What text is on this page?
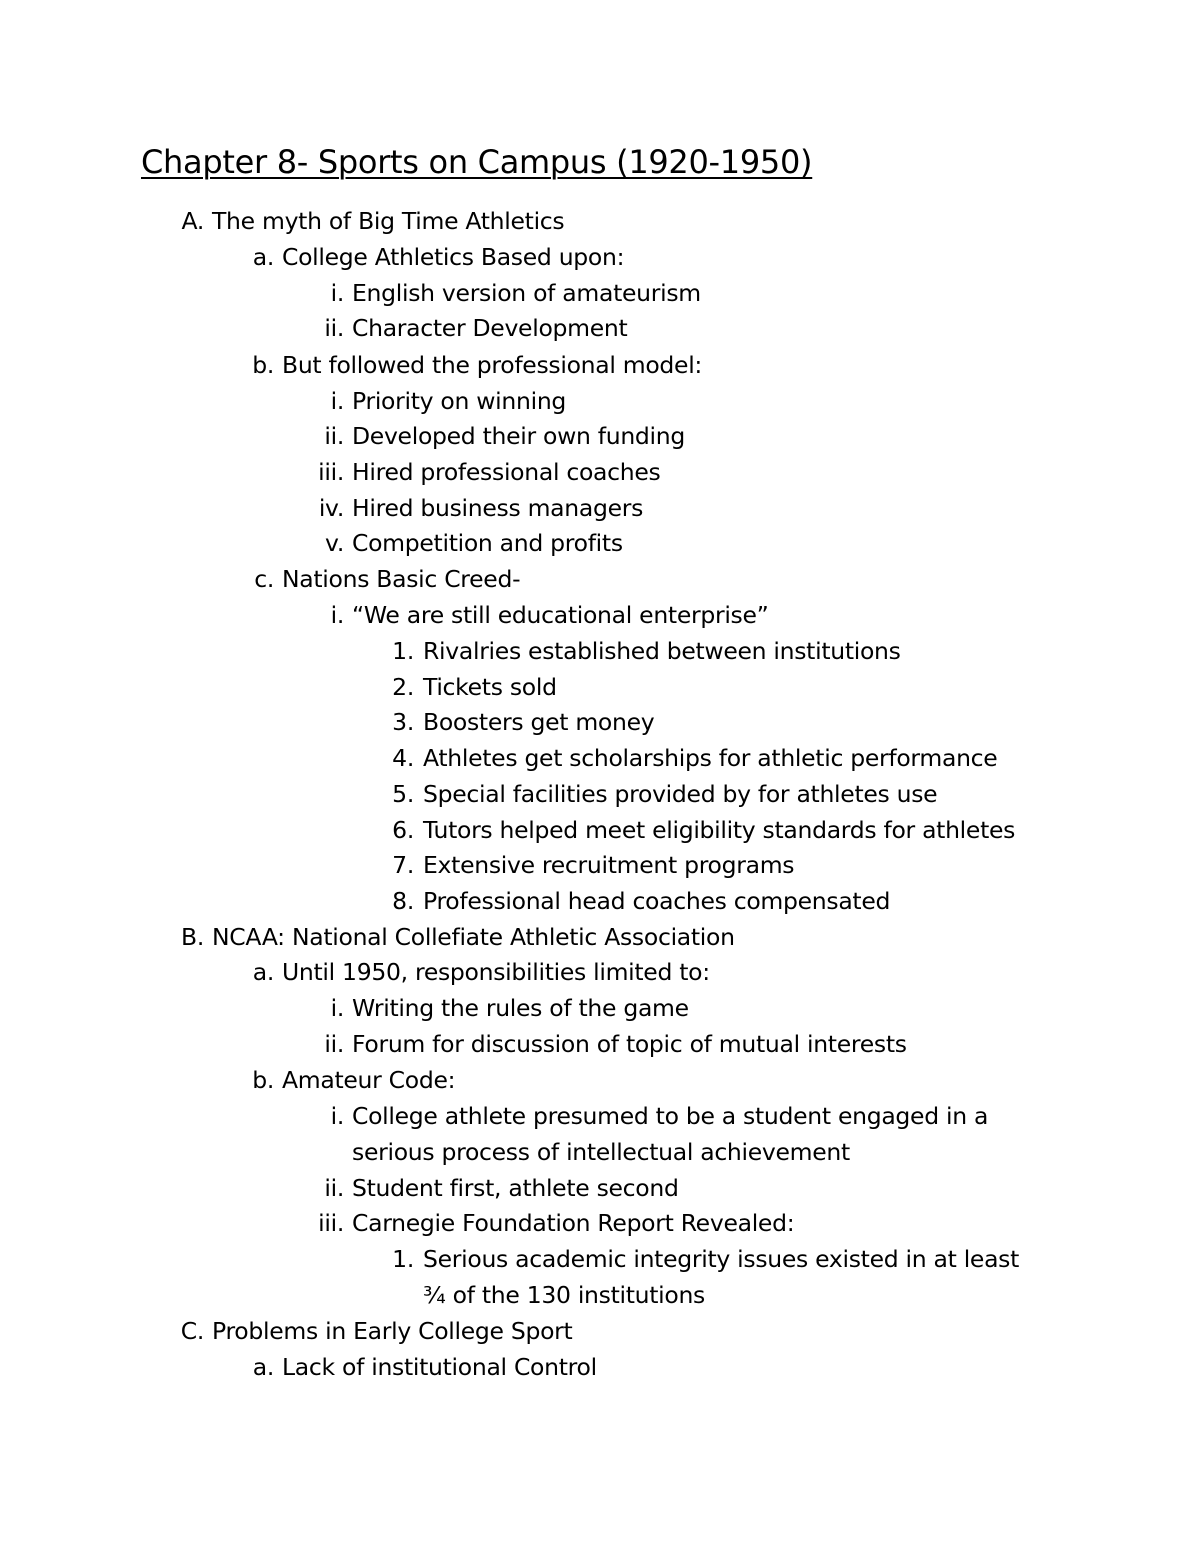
Chapter 8- Sports on Campus (1920-1950)
A. The myth of Big Time Athletics
a. College Athletics Based upon:
i. English version of amateurism
ii. Character Development
b. But followed the professional model:
i. Priority on winning
ii. Developed their own funding
iii. Hired professional coaches
iv. Hired business managers
v. Competition and profits
c. Nations Basic Creed-
i. “We are still educational enterprise”
1. Rivalries established between institutions
2. Tickets sold
3. Boosters get money
4. Athletes get scholarships for athletic performance
5. Special facilities provided by for athletes use
6. Tutors helped meet eligibility standards for athletes
7. Extensive recruitment programs
8. Professional head coaches compensated
B. NCAA: National Collefiate Athletic Association
a. Until 1950, responsibilities limited to:
i. Writing the rules of the game
ii. Forum for discussion of topic of mutual interests
b. Amateur Code:
i. College athlete presumed to be a student engaged in a
serious process of intellectual achievement
ii. Student first, athlete second
iii. Carnegie Foundation Report Revealed:
1. Serious academic integrity issues existed in at least
¾ of the 130 institutions
C. Problems in Early College Sport
a. Lack of institutional Control
